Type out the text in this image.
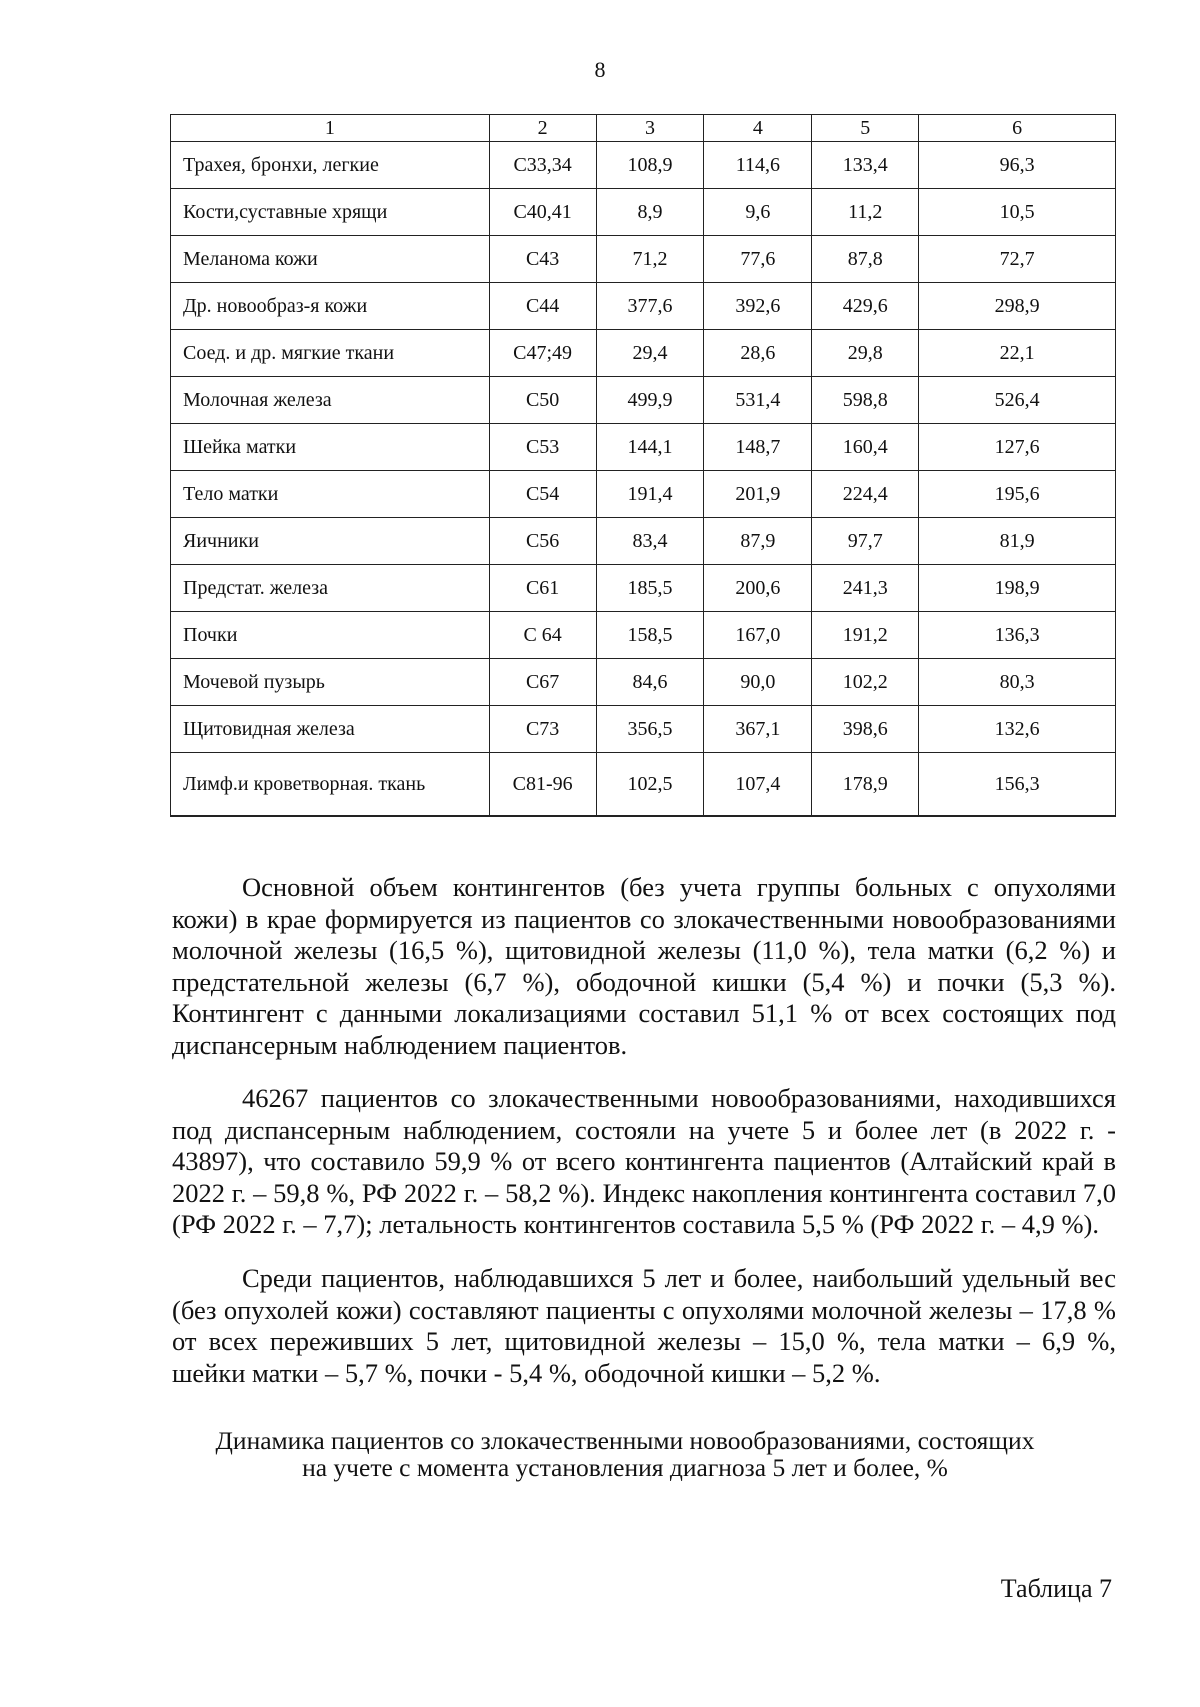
8
1	2	3	4	5	6
Трахея, бронхи, легкие	С33,34	108,9	114,6	133,4	96,3
Кости,суставные хрящи	С40,41	8,9	9,6	11,2	10,5
Меланома кожи	С43	71,2	77,6	87,8	72,7
Др. новообраз-я кожи	С44	377,6	392,6	429,6	298,9
Соед. и др. мягкие ткани	С47;49	29,4	28,6	29,8	22,1
Молочная железа	С50	499,9	531,4	598,8	526,4
Шейка матки	С53	144,1	148,7	160,4	127,6
Тело матки	С54	191,4	201,9	224,4	195,6
Яичники	С56	83,4	87,9	97,7	81,9
Предстат. железа	С61	185,5	200,6	241,3	198,9
Почки	С 64	158,5	167,0	191,2	136,3
Мочевой пузырь	С67	84,6	90,0	102,2	80,3
Щитовидная железа	С73	356,5	367,1	398,6	132,6
Лимф.и кроветворная. ткань	С81-96	102,5	107,4	178,9	156,3

Основной объем контингентов (без учета группы больных с опухолями кожи) в крае формируется из пациентов со злокачественными новообразованиями молочной железы (16,5 %), щитовидной железы (11,0 %), тела матки (6,2 %) и предстательной железы (6,7 %), ободочной кишки (5,4 %) и почки (5,3 %). Контингент с данными локализациями составил 51,1 % от всех состоящих под диспансерным наблюдением пациентов.

46267 пациентов со злокачественными новообразованиями, находившихся под диспансерным наблюдением, состояли на учете 5 и более лет (в 2022 г. - 43897), что составило 59,9 % от всего контингента пациентов (Алтайский край в 2022 г. – 59,8 %, РФ 2022 г. – 58,2 %). Индекс накопления контингента составил 7,0 (РФ 2022 г. – 7,7); летальность контингентов составила 5,5 % (РФ 2022 г. – 4,9 %).

Среди пациентов, наблюдавшихся 5 лет и более, наибольший удельный вес (без опухолей кожи) составляют пациенты с опухолями молочной железы – 17,8 % от всех переживших 5 лет, щитовидной железы – 15,0 %, тела матки – 6,9 %, шейки матки – 5,7 %, почки - 5,4 %, ободочной кишки – 5,2 %.

Динамика пациентов со злокачественными новообразованиями, состоящих
на учете с момента установления диагноза 5 лет и более, %
Таблица 7
